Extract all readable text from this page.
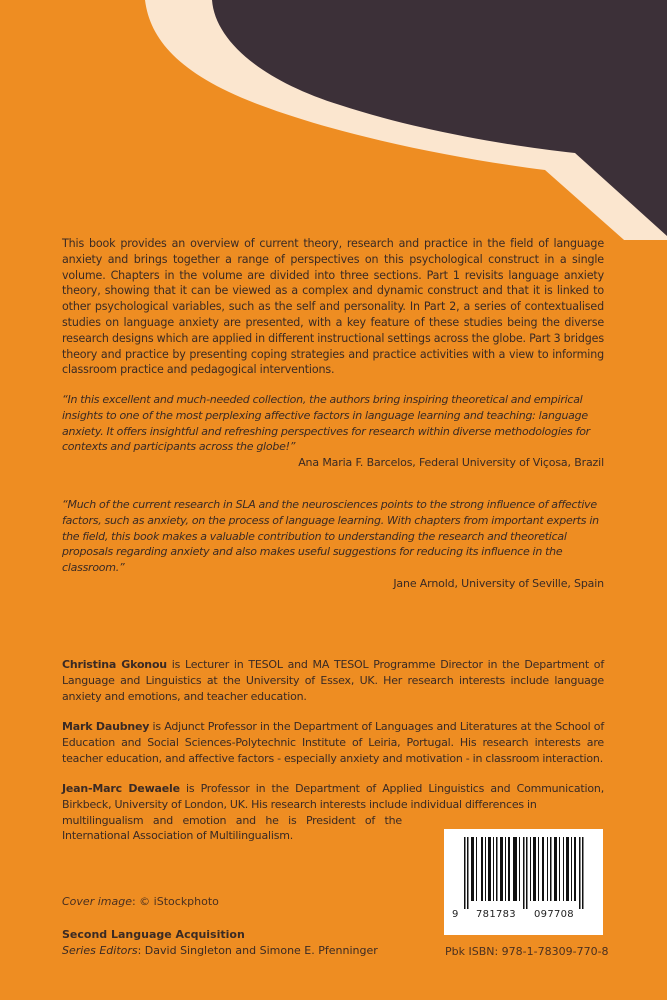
This book provides an overview of current theory, research and practice in the field of language anxiety and brings together a range of perspectives on this psychological construct in a single volume. Chapters in the volume are divided into three sections. Part 1 revisits language anxiety theory, showing that it can be viewed as a complex and dynamic construct and that it is linked to other psychological variables, such as the self and personality. In Part 2, a series of contextualised studies on language anxiety are presented, with a key feature of these studies being the diverse research designs which are applied in different instructional settings across the globe. Part 3 bridges theory and practice by presenting coping strategies and practice activities with a view to informing classroom practice and pedagogical interventions.
“In this excellent and much-needed collection, the authors bring inspiring theoretical and empirical insights to one of the most perplexing affective factors in language learning and teaching: language anxiety. It offers insightful and refreshing perspectives for research within diverse methodologies for contexts and participants across the globe!”
Ana Maria F. Barcelos, Federal University of Viçosa, Brazil
“Much of the current research in SLA and the neurosciences points to the strong influence of affective factors, such as anxiety, on the process of language learning. With chapters from important experts in the field, this book makes a valuable contribution to understanding the research and theoretical proposals regarding anxiety and also makes useful suggestions for reducing its influence in the classroom.”
Jane Arnold, University of Seville, Spain
Christina Gkonou is Lecturer in TESOL and MA TESOL Programme Director in the Department of Language and Linguistics at the University of Essex, UK. Her research interests include language anxiety and emotions, and teacher education.
Mark Daubney is Adjunct Professor in the Department of Languages and Literatures at the School of Education and Social Sciences-Polytechnic Institute of Leiria, Portugal. His research interests are teacher education, and affective factors - especially anxiety and motivation - in classroom interaction.
Jean-Marc Dewaele is Professor in the Department of Applied Linguistics and Communication, Birkbeck, University of London, UK. His research interests include individual differences in
multilingualism and emotion and he is President of the International Association of Multilingualism.
9 781783 097708
Pbk ISBN: 978-1-78309-770-8
Cover image: © iStockphoto
Second Language Acquisition
Series Editors: David Singleton and Simone E. Pfenninger
